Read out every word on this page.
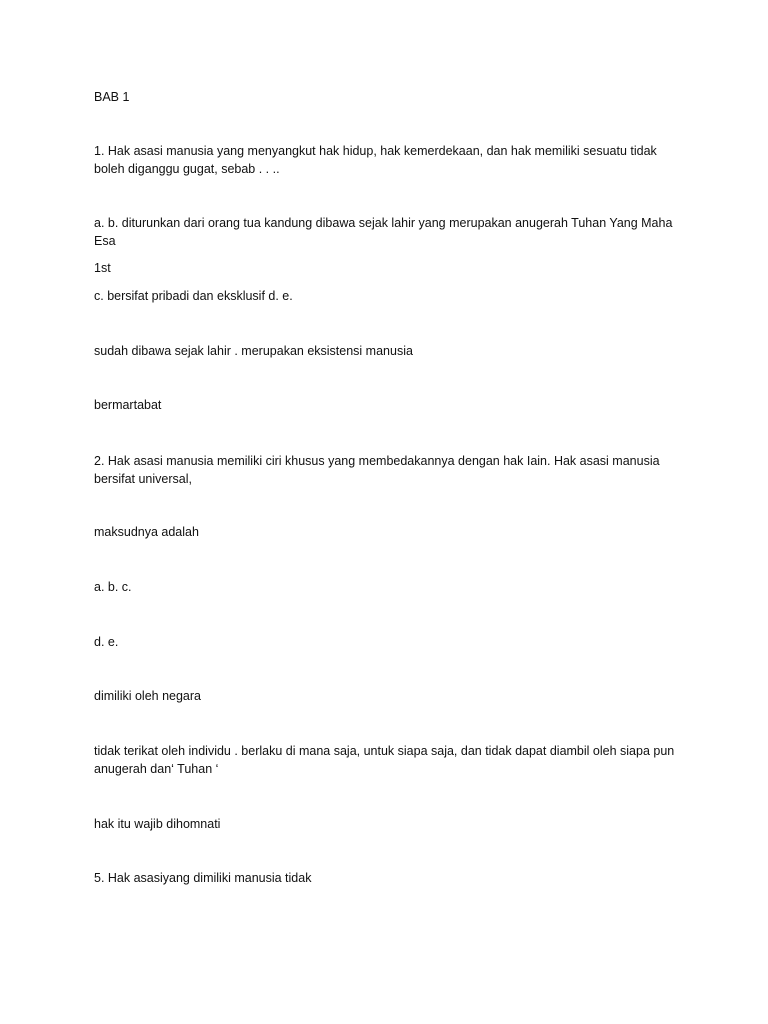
BAB 1

1. Hak asasi manusia yang menyangkut hak hidup, hak kemerdekaan, dan hak memiliki sesuatu tidak boleh diganggu gugat, sebab . . ..

a. b. diturunkan dari orang tua kandung dibawa sejak lahir yang merupakan anugerah Tuhan Yang Maha Esa

1st

c. bersifat pribadi dan eksklusif d. e.

sudah dibawa sejak lahir . merupakan eksistensi manusia

bermartabat

2. Hak asasi manusia memiliki ciri khusus yang membedakannya dengan hak Iain. Hak asasi manusia bersifat universal,

maksudnya adalah

a. b. c.

d. e.

dimiliki oleh negara

tidak terikat oleh individu . berlaku di mana saja, untuk siapa saja, dan tidak dapat diambil oleh siapa pun anugerah dan‘ Tuhan ‘

hak itu wajib dihomnati

5. Hak asasiyang dimiliki manusia tidak
